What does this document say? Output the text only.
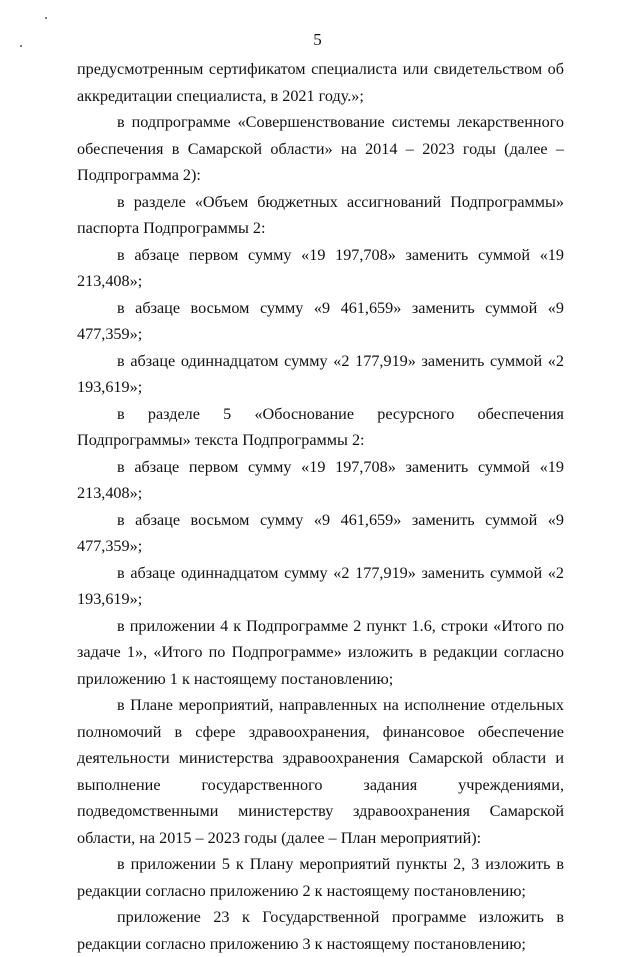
5

предусмотренным сертификатом специалиста или свидетельством об аккредитации специалиста, в 2021 году.»;

в подпрограмме «Совершенствование системы лекарственного обеспечения в Самарской области» на 2014 – 2023 годы (далее – Подпрограмма 2):

в разделе «Объем бюджетных ассигнований Подпрограммы» паспорта Подпрограммы 2:

в абзаце первом сумму «19 197,708» заменить суммой «19 213,408»;

в абзаце восьмом сумму «9 461,659» заменить суммой «9 477,359»;

в абзаце одиннадцатом сумму «2 177,919» заменить суммой «2 193,619»;

в разделе 5 «Обоснование ресурсного обеспечения Подпрограммы» текста Подпрограммы 2:

в абзаце первом сумму «19 197,708» заменить суммой «19 213,408»;

в абзаце восьмом сумму «9 461,659» заменить суммой «9 477,359»;

в абзаце одиннадцатом сумму «2 177,919» заменить суммой «2 193,619»;

в приложении 4 к Подпрограмме 2 пункт 1.6, строки «Итого по задаче 1», «Итого по Подпрограмме» изложить в редакции согласно приложению 1 к настоящему постановлению;

в Плане мероприятий, направленных на исполнение отдельных полномочий в сфере здравоохранения, финансовое обеспечение деятельности министерства здравоохранения Самарской области и выполнение государственного задания учреждениями, подведомственными министерству здравоохранения Самарской области, на 2015 – 2023 годы (далее – План мероприятий):

в приложении 5 к Плану мероприятий пункты 2, 3 изложить в редакции согласно приложению 2 к настоящему постановлению;

приложение 23 к Государственной программе изложить в редакции согласно приложению 3 к настоящему постановлению;
